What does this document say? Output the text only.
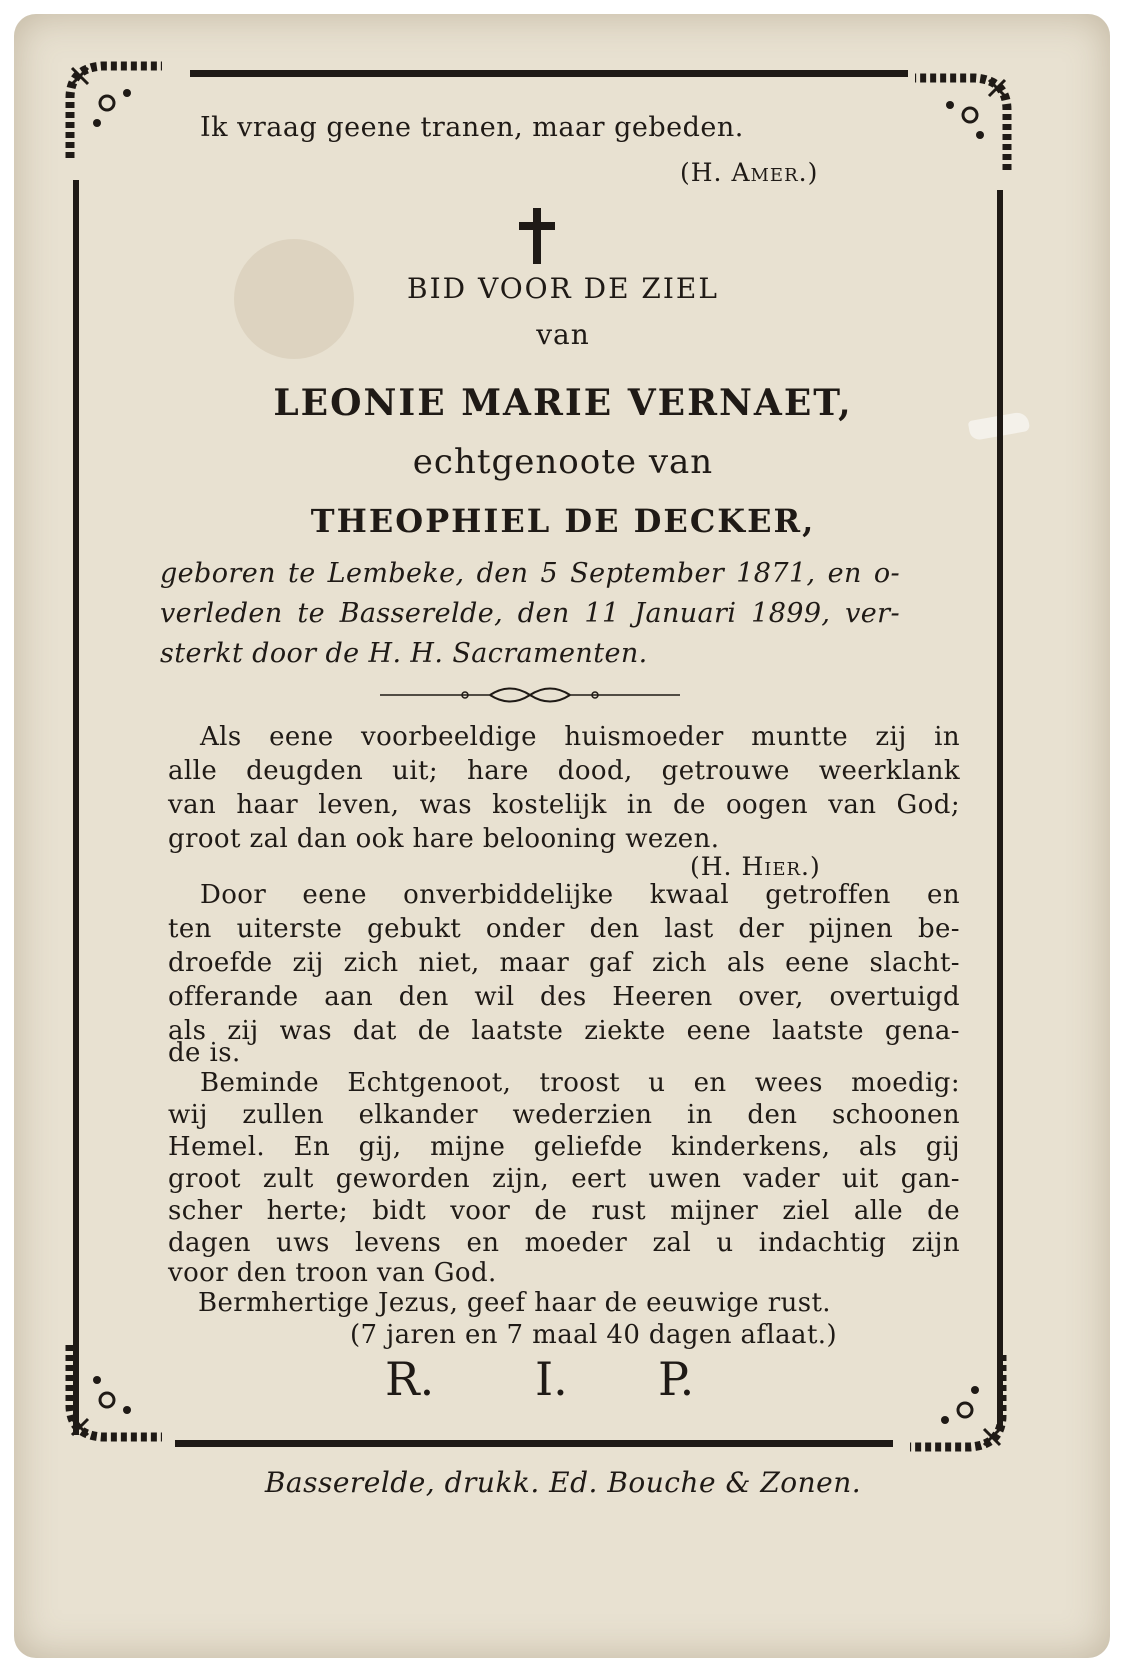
Ik vraag geene tranen, maar gebeden.
(H. Amer.)
BID VOOR DE ZIEL
van
LEONIE MARIE VERNAET,
echtgenoote van
THEOPHIEL DE DECKER,
geboren te Lembeke, den 5 September 1871, en o-
verleden te Basserelde, den 11 Januari 1899, ver-
sterkt door de H. H. Sacramenten.
Als eene voorbeeldige huismoeder muntte zij in
alle deugden uit; hare dood, getrouwe weerklank
van haar leven, was kostelijk in de oogen van God;
groot zal dan ook hare belooning wezen.
(H. Hier.)
Door eene onverbiddelijke kwaal getroffen en
ten uiterste gebukt onder den last der pijnen be-
droefde zij zich niet, maar gaf zich als eene slacht-
offerande aan den wil des Heeren over, overtuigd
als zij was dat de laatste ziekte eene laatste gena-
de is.
Beminde Echtgenoot, troost u en wees moedig:
wij zullen elkander wederzien in den schoonen
Hemel. En gij, mijne geliefde kinderkens, als gij
groot zult geworden zijn, eert uwen vader uit gan-
scher herte; bidt voor de rust mijner ziel alle de
dagen uws levens en moeder zal u indachtig zijn
voor den troon van God.
Bermhertige Jezus, geef haar de eeuwige rust.
(7 jaren en 7 maal 40 dagen aflaat.)
R. I. P.
Basserelde, drukk. Ed. Bouche & Zonen.
